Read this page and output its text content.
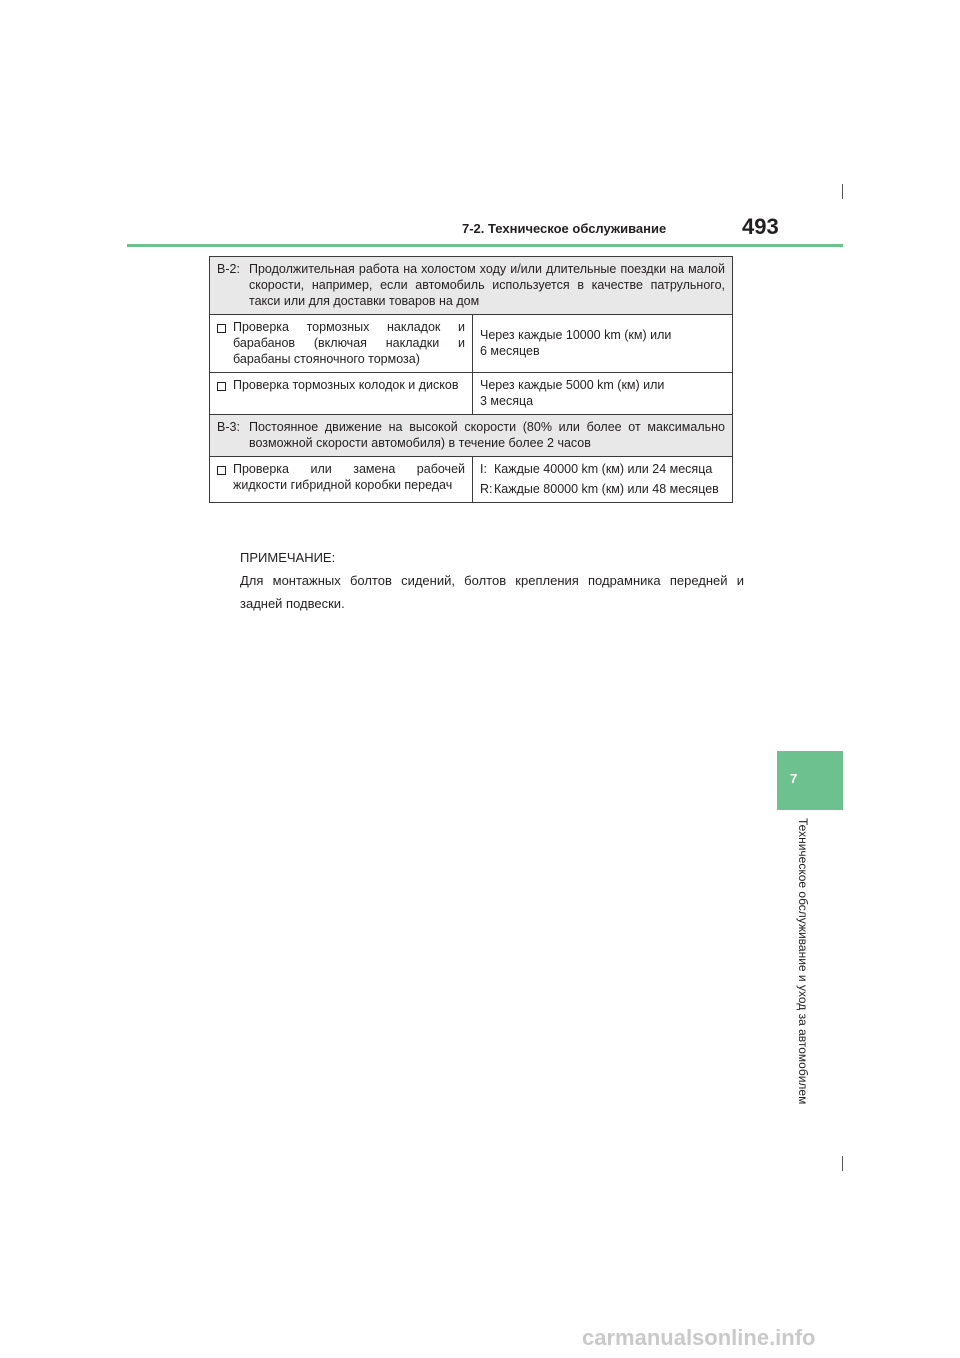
7-2. Техническое обслуживание	493
7
Техническое обслуживание и уход за автомобилем
B-2: Продолжительная работа на холостом ходу и/или длительные поездки на малой скорости, например, если автомобиль используется в качестве патрульного, такси или для доставки товаров на дом	

Проверка тормозных накладок и барабанов (включая накладки и барабаны стояночного тормоза)	Через каждые 10000 km (км) или
6 месяцев

Проверка тормозных колодок и дисков	Через каждые 5000 km (км) или
3 месяца

B-3: Постоянное движение на высокой скорости (80% или более от максимально возможной скорости автомобиля) в течение более 2 часов	

Проверка или замена рабочей жидкости гибридной коробки передач	I: Каждые 40000 km (км) или 24 месяца
R: Каждые 80000 km (км) или 48 месяцев
ПРИМЕЧАНИЕ:
Для монтажных болтов сидений, болтов крепления подрамника передней и задней подвески.
carmanualsonline.info
